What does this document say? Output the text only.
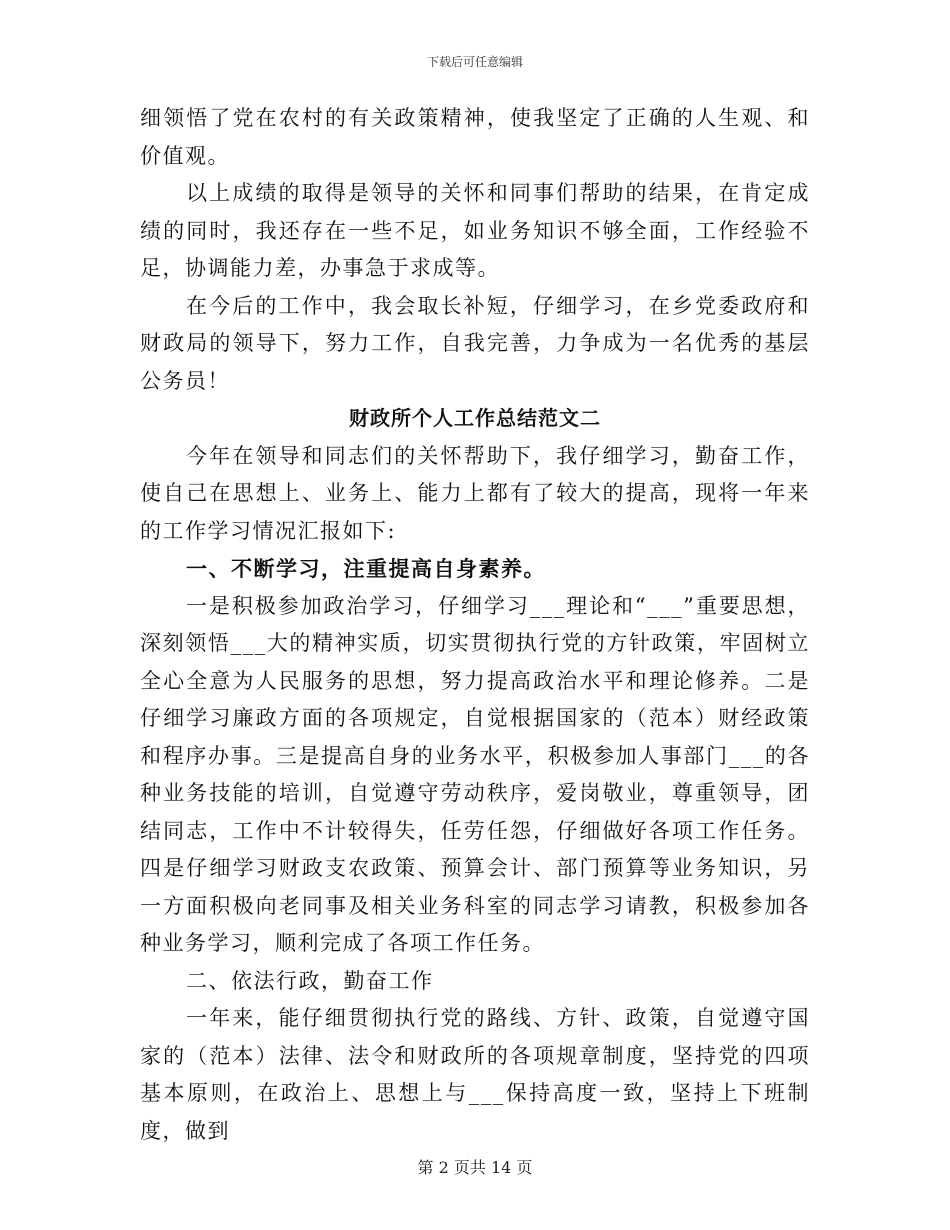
下载后可任意编辑

细领悟了党在农村的有关政策精神，使我坚定了正确的人生观、和价值观。

以上成绩的取得是领导的关怀和同事们帮助的结果，在肯定成绩的同时，我还存在一些不足，如业务知识不够全面，工作经验不足，协调能力差，办事急于求成等。

在今后的工作中，我会取长补短，仔细学习，在乡党委政府和财政局的领导下，努力工作，自我完善，力争成为一名优秀的基层公务员！

财政所个人工作总结范文二

今年在领导和同志们的关怀帮助下，我仔细学习，勤奋工作，使自己在思想上、业务上、能力上都有了较大的提高，现将一年来的工作学习情况汇报如下:

一、不断学习，注重提高自身素养。

一是积极参加政治学习，仔细学习___理论和“___”重要思想，深刻领悟___大的精神实质，切实贯彻执行党的方针政策，牢固树立全心全意为人民服务的思想，努力提高政治水平和理论修养。二是仔细学习廉政方面的各项规定，自觉根据国家的（范本）财经政策和程序办事。三是提高自身的业务水平，积极参加人事部门___的各种业务技能的培训，自觉遵守劳动秩序，爱岗敬业，尊重领导，团结同志，工作中不计较得失，任劳任怨，仔细做好各项工作任务。四是仔细学习财政支农政策、预算会计、部门预算等业务知识，另一方面积极向老同事及相关业务科室的同志学习请教，积极参加各种业务学习，顺利完成了各项工作任务。

二、依法行政，勤奋工作

一年来，能仔细贯彻执行党的路线、方针、政策，自觉遵守国家的（范本）法律、法令和财政所的各项规章制度，坚持党的四项基本原则，在政治上、思想上与___保持高度一致，坚持上下班制度，做到

第 2 页共 14 页
